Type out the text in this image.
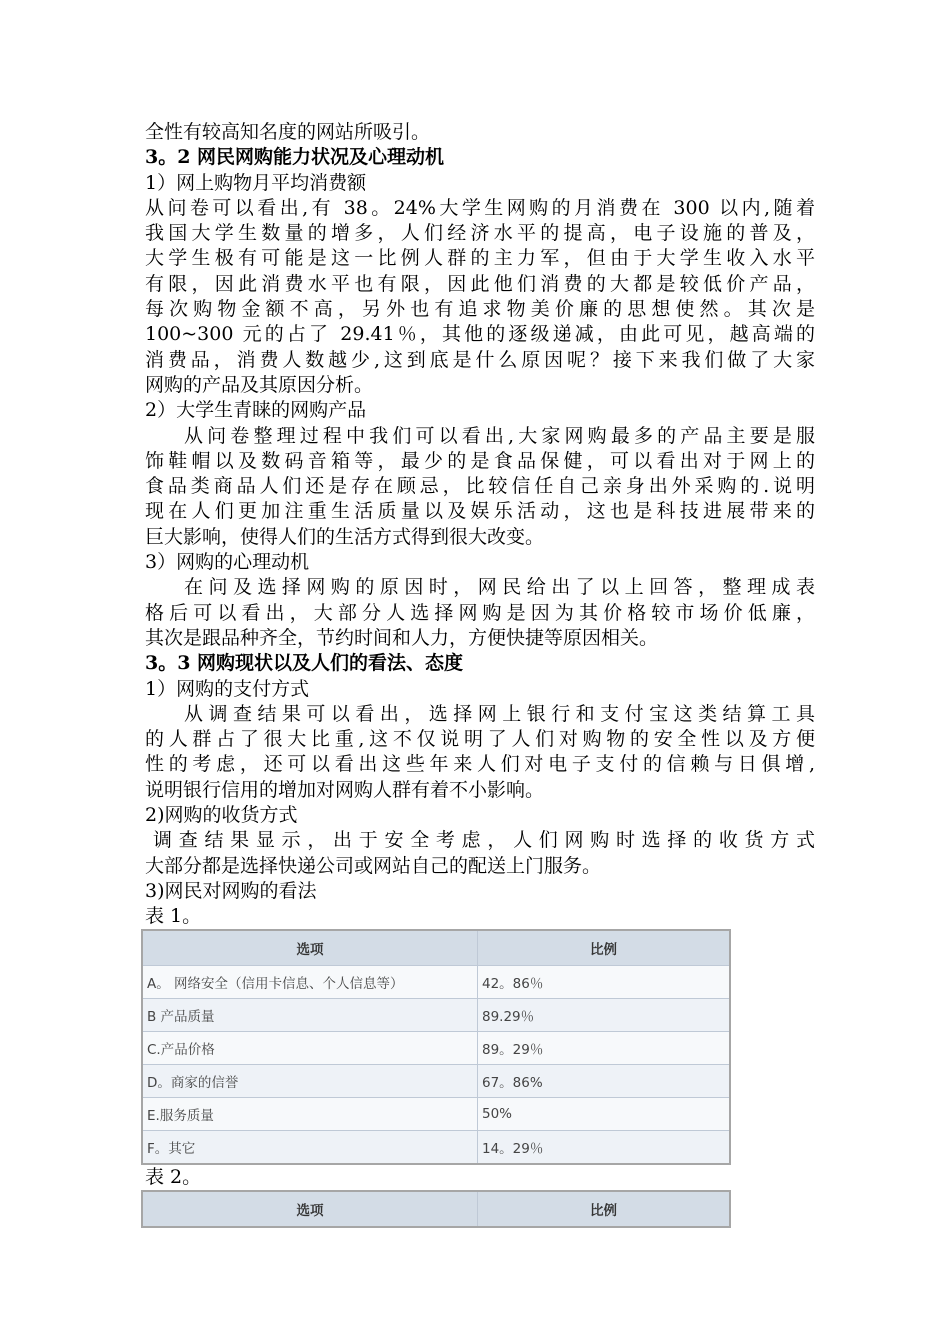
全性有较高知名度的网站所吸引。
3。2 网民网购能力状况及心理动机
1）网上购物月平均消费额
从问卷可以看出,有 38。24%大学生网购的月消费在 300 以内,随着
我国大学生数量的增多，人们经济水平的提高，电子设施的普及，
大学生极有可能是这一比例人群的主力军，但由于大学生收入水平
有限，因此消费水平也有限，因此他们消费的大都是较低价产品，
每次购物金额不高，另外也有追求物美价廉的思想使然。其次是
100~300 元的占了 29.41％，其他的逐级递减，由此可见，越高端的
消费品，消费人数越少,这到底是什么原因呢？接下来我们做了大家
网购的产品及其原因分析。
2）大学生青睐的网购产品
从问卷整理过程中我们可以看出,大家网购最多的产品主要是服
饰鞋帽以及数码音箱等，最少的是食品保健，可以看出对于网上的
食品类商品人们还是存在顾忌，比较信任自己亲身出外采购的.说明
现在人们更加注重生活质量以及娱乐活动，这也是科技进展带来的
巨大影响，使得人们的生活方式得到很大改变。
3）网购的心理动机
在问及选择网购的原因时，网民给出了以上回答，整理成表
格后可以看出，大部分人选择网购是因为其价格较市场价低廉，
其次是跟品种齐全，节约时间和人力，方便快捷等原因相关。
3。3 网购现状以及人们的看法、态度
1）网购的支付方式
从调查结果可以看出，选择网上银行和支付宝这类结算工具
的人群占了很大比重,这不仅说明了人们对购物的安全性以及方便
性的考虑，还可以看出这些年来人们对电子支付的信赖与日俱增,
说明银行信用的增加对网购人群有着不小影响。
2)网购的收货方式
调查结果显示，出于安全考虑，人们网购时选择的收货方式
大部分都是选择快递公司或网站自己的配送上门服务。
3)网民对网购的看法
表 1。
选项	比例
A。 网络安全（信用卡信息、个人信息等）	42。86％
B 产品质量	89.29％
C.产品价格	89。29％
D。商家的信誉	67。86%
E.服务质量	50%
F。其它	14。29％
表 2。
选项	比例
